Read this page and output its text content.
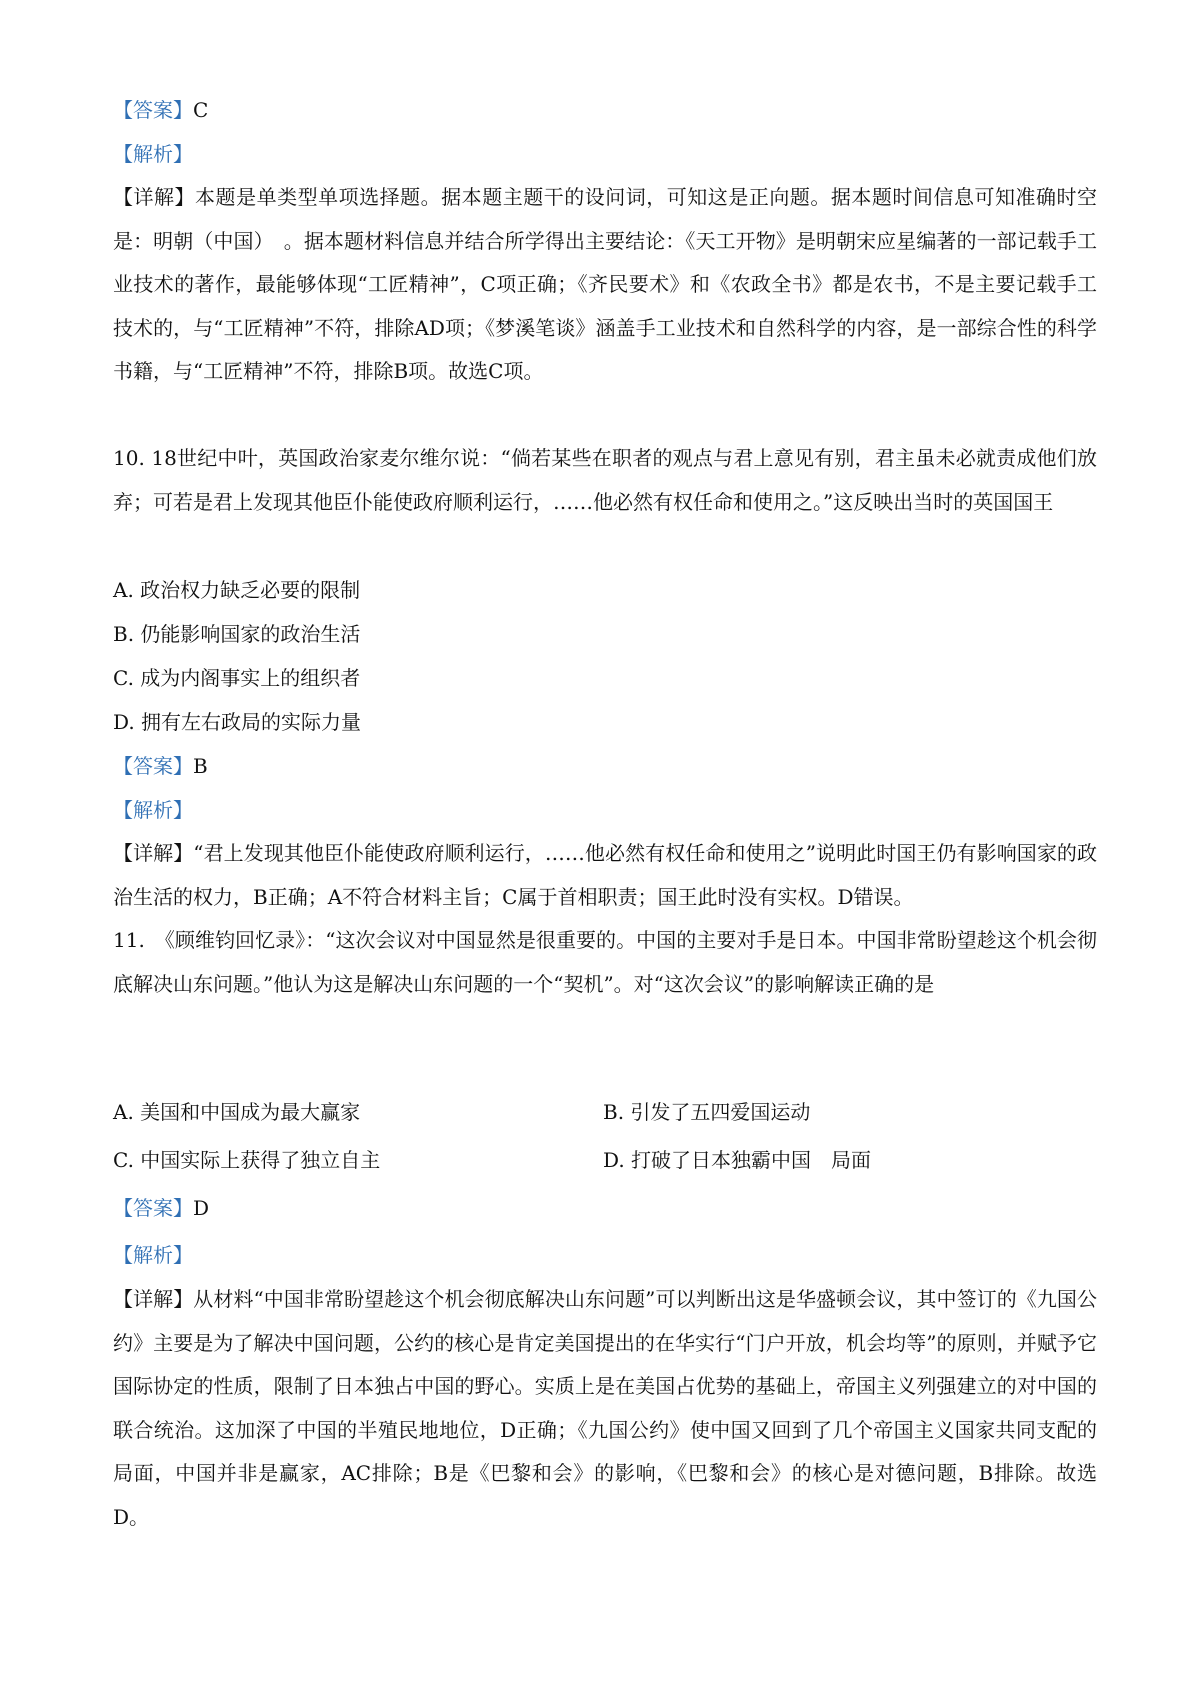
【答案】C
【解析】
【详解】本题是单类型单项选择题。据本题主题干的设问词，可知这是正向题。据本题时间信息可知准确时空是：明朝（中国）　。据本题材料信息并结合所学得出主要结论：《天工开物》是明朝宋应星编著的一部记载手工业技术的著作，最能够体现“工匠精神”，C项正确；《齐民要术》和《农政全书》都是农书，不是主要记载手工技术的，与“工匠精神”不符，排除AD项；《梦溪笔谈》涵盖手工业技术和自然科学的内容，是一部综合性的科学书籍，与“工匠精神”不符，排除B项。故选C项。
10. 18世纪中叶，英国政治家麦尔维尔说：“倘若某些在职者的观点与君上意见有别，君主虽未必就责成他们放弃；可若是君上发现其他臣仆能使政府顺利运行，……他必然有权任命和使用之。”这反映出当时的英国国王
A. 政治权力缺乏必要的限制
B. 仍能影响国家的政治生活
C. 成为内阁事实上的组织者
D. 拥有左右政局的实际力量
【答案】B
【解析】
【详解】“君上发现其他臣仆能使政府顺利运行，……他必然有权任命和使用之”说明此时国王仍有影响国家的政治生活的权力，B正确；A不符合材料主旨；C属于首相职责；国王此时没有实权。D错误。
11.　《顾维钧回忆录》：“这次会议对中国显然是很重要的。中国的主要对手是日本。中国非常盼望趁这个机会彻底解决山东问题。”他认为这是解决山东问题的一个“契机”。对“这次会议”的影响解读正确的是
A. 美国和中国成为最大赢家	B. 引发了五四爱国运动
C. 中国实际上获得了独立自主	D. 打破了日本独霸中国　局面
【答案】D
【解析】
【详解】从材料“中国非常盼望趁这个机会彻底解决山东问题”可以判断出这是华盛顿会议，其中签订的《九国公约》主要是为了解决中国问题，公约的核心是肯定美国提出的在华实行“门户开放，机会均等”的原则，并赋予它国际协定的性质，限制了日本独占中国的野心。实质上是在美国占优势的基础上，帝国主义列强建立的对中国的联合统治。这加深了中国的半殖民地地位，D正确；《九国公约》使中国又回到了几个帝国主义国家共同支配的局面，中国并非是赢家，AC排除；B是《巴黎和会》的影响，《巴黎和会》的核心是对德问题，B排除。故选D。
